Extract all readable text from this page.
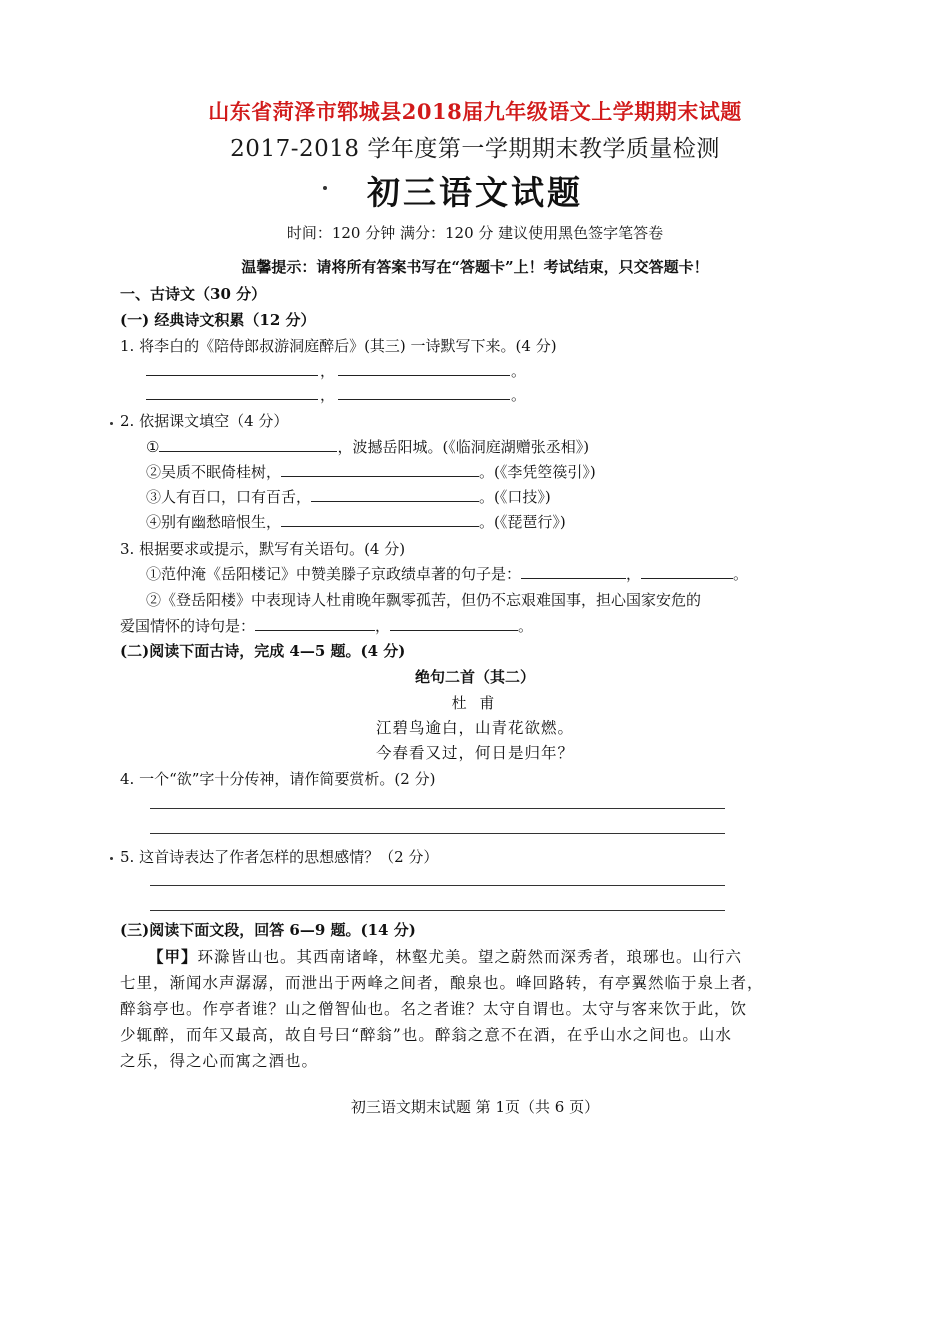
山东省菏泽市郓城县2018届九年级语文上学期期末试题
2017-2018 学年度第一学期期末教学质量检测
初三语文试题
时间：120 分钟 满分：120 分 建议使用黑色签字笔答卷
温馨提示：请将所有答案书写在“答题卡”上！考试结束，只交答题卡！
一、古诗文（30 分）
(一) 经典诗文积累（12 分）
1. 将李白的《陪侍郎叔游洞庭醉后》(其三) 一诗默写下来。(4 分)
，	。
，	。
2. 依据课文填空（4 分）
①	，波撼岳阳城。(《临洞庭湖赠张丞相》)
②吴质不眠倚桂树，	。(《李凭箜篌引》)
③人有百口，口有百舌，	。(《口技》)
④别有幽愁暗恨生，	。(《琵琶行》)
3. 根据要求或提示，默写有关语句。(4 分)
①范仲淹《岳阳楼记》中赞美滕子京政绩卓著的句子是：	，	。
②《登岳阳楼》中表现诗人杜甫晚年飘零孤苦，但仍不忘艰难国事，担心国家安危的
爱国情怀的诗句是：	，	。
(二)阅读下面古诗，完成 4—5 题。(4 分)
绝句二首（其二）
杜 甫
江碧鸟逾白，山青花欲燃。
今春看又过，何日是归年？
4. 一个“欲”字十分传神，请作简要赏析。(2 分)
5. 这首诗表达了作者怎样的思想感情？（2 分）
(三)阅读下面文段，回答 6—9 题。(14 分)
【甲】环滁皆山也。其西南诸峰，林壑尤美。望之蔚然而深秀者，琅琊也。山行六
七里，渐闻水声潺潺，而泄出于两峰之间者，酿泉也。峰回路转，有亭翼然临于泉上者，
醉翁亭也。作亭者谁？山之僧智仙也。名之者谁？太守自谓也。太守与客来饮于此，饮
少辄醉，而年又最高，故自号曰“醉翁”也。醉翁之意不在酒，在乎山水之间也。山水
之乐，得之心而寓之酒也。
初三语文期末试题 第 1页（共 6 页）
